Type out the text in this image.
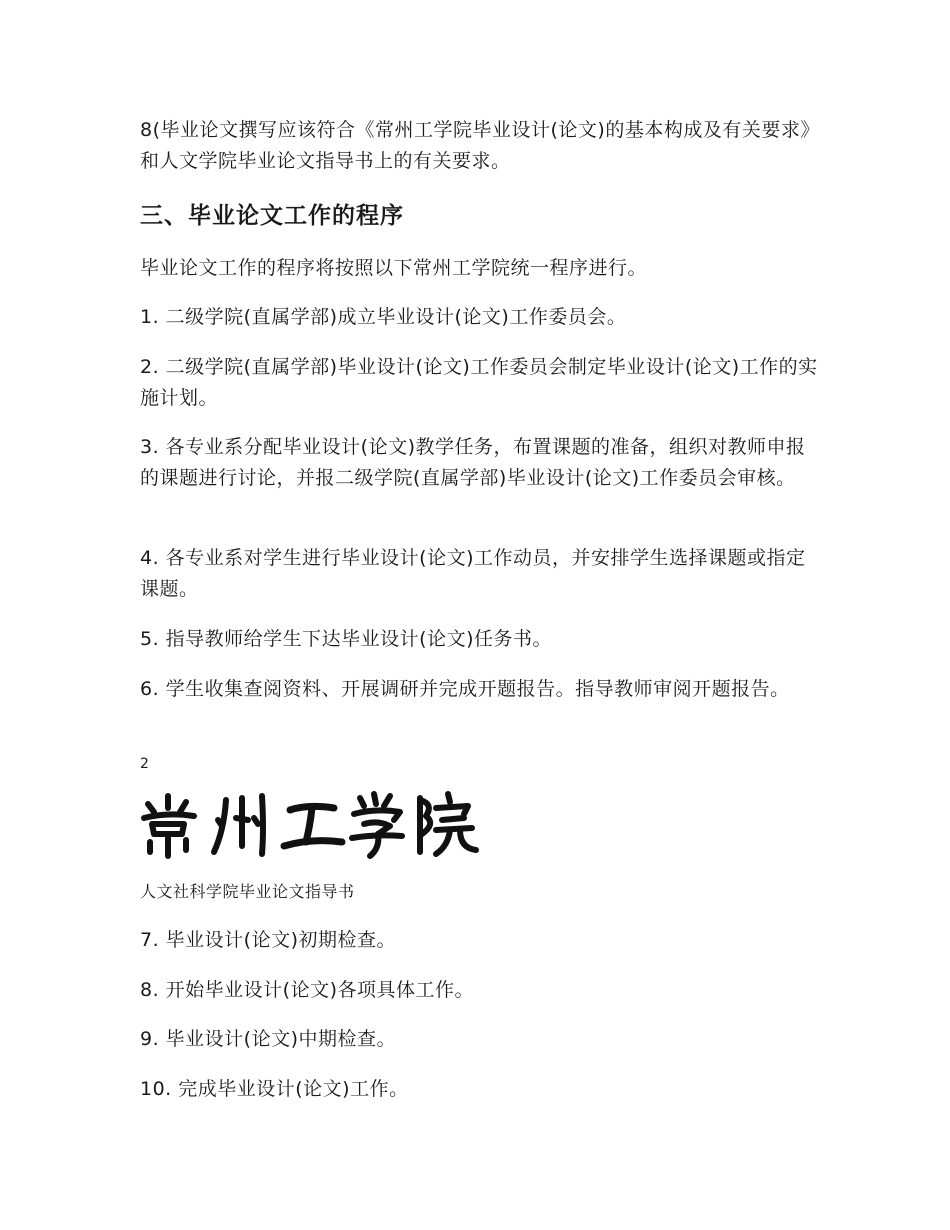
8(毕业论文撰写应该符合《常州工学院毕业设计(论文)的基本构成及有关要求》和人文学院毕业论文指导书上的有关要求。

三、毕业论文工作的程序

毕业论文工作的程序将按照以下常州工学院统一程序进行。

1. 二级学院(直属学部)成立毕业设计(论文)工作委员会。

2. 二级学院(直属学部)毕业设计(论文)工作委员会制定毕业设计(论文)工作的实施计划。

3. 各专业系分配毕业设计(论文)教学任务，布置课题的准备，组织对教师申报的课题进行讨论，并报二级学院(直属学部)毕业设计(论文)工作委员会审核。

4. 各专业系对学生进行毕业设计(论文)工作动员，并安排学生选择课题或指定课题。

5. 指导教师给学生下达毕业设计(论文)任务书。

6. 学生收集查阅资料、开展调研并完成开题报告。指导教师审阅开题报告。

2
人文社科学院毕业论文指导书

7. 毕业设计(论文)初期检查。

8. 开始毕业设计(论文)各项具体工作。

9. 毕业设计(论文)中期检查。

10. 完成毕业设计(论文)工作。
